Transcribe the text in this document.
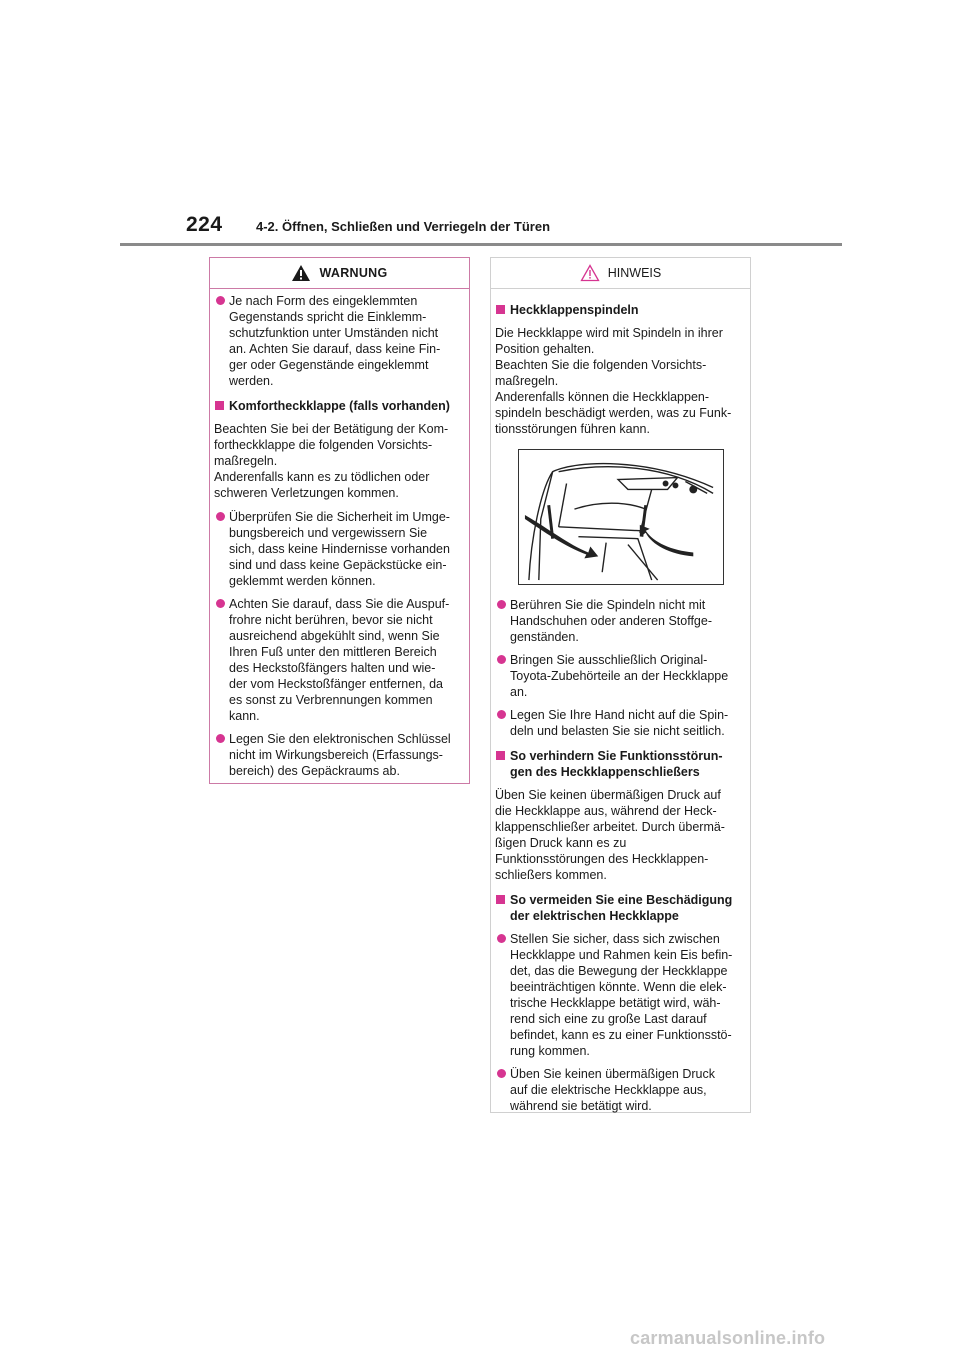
224	4-2. Öffnen, Schließen und Verriegeln der Türen
WARNUNG
Je nach Form des eingeklemmten
Gegenstands spricht die Einklemm-
schutzfunktion unter Umständen nicht
an. Achten Sie darauf, dass keine Fin-
ger oder Gegenstände eingeklemmt
werden.
Komfortheckklappe (falls vorhanden)
Beachten Sie bei der Betätigung der Kom-
fortheckklappe die folgenden Vorsichts-
maßregeln.
Anderenfalls kann es zu tödlichen oder
schweren Verletzungen kommen.
Überprüfen Sie die Sicherheit im Umge-
bungsbereich und vergewissern Sie
sich, dass keine Hindernisse vorhanden
sind und dass keine Gepäckstücke ein-
geklemmt werden können.
Achten Sie darauf, dass Sie die Auspuf-
frohre nicht berühren, bevor sie nicht
ausreichend abgekühlt sind, wenn Sie
Ihren Fuß unter den mittleren Bereich
des Heckstoßfängers halten und wie-
der vom Heckstoßfänger entfernen, da
es sonst zu Verbrennungen kommen
kann.
Legen Sie den elektronischen Schlüssel
nicht im Wirkungsbereich (Erfassungs-
bereich) des Gepäckraums ab.
HINWEIS
Heckklappenspindeln
Die Heckklappe wird mit Spindeln in ihrer
Position gehalten.
Beachten Sie die folgenden Vorsichts-
maßregeln.
Anderenfalls können die Heckklappen-
spindeln beschädigt werden, was zu Funk-
tionsstörungen führen kann.
Berühren Sie die Spindeln nicht mit
Handschuhen oder anderen Stoffge-
genständen.
Bringen Sie ausschließlich Original-
Toyota-Zubehörteile an der Heckklappe
an.
Legen Sie Ihre Hand nicht auf die Spin-
deln und belasten Sie sie nicht seitlich.
So verhindern Sie Funktionsstörun-
gen des Heckklappenschließers
Üben Sie keinen übermäßigen Druck auf
die Heckklappe aus, während der Heck-
klappenschließer arbeitet. Durch übermä-
ßigen Druck kann es zu
Funktionsstörungen des Heckklappen-
schließers kommen.
So vermeiden Sie eine Beschädigung
der elektrischen Heckklappe
Stellen Sie sicher, dass sich zwischen
Heckklappe und Rahmen kein Eis befin-
det, das die Bewegung der Heckklappe
beeinträchtigen könnte. Wenn die elek-
trische Heckklappe betätigt wird, wäh-
rend sich eine zu große Last darauf
befindet, kann es zu einer Funktionsstö-
rung kommen.
Üben Sie keinen übermäßigen Druck
auf die elektrische Heckklappe aus,
während sie betätigt wird.
carmanualsonline.info
